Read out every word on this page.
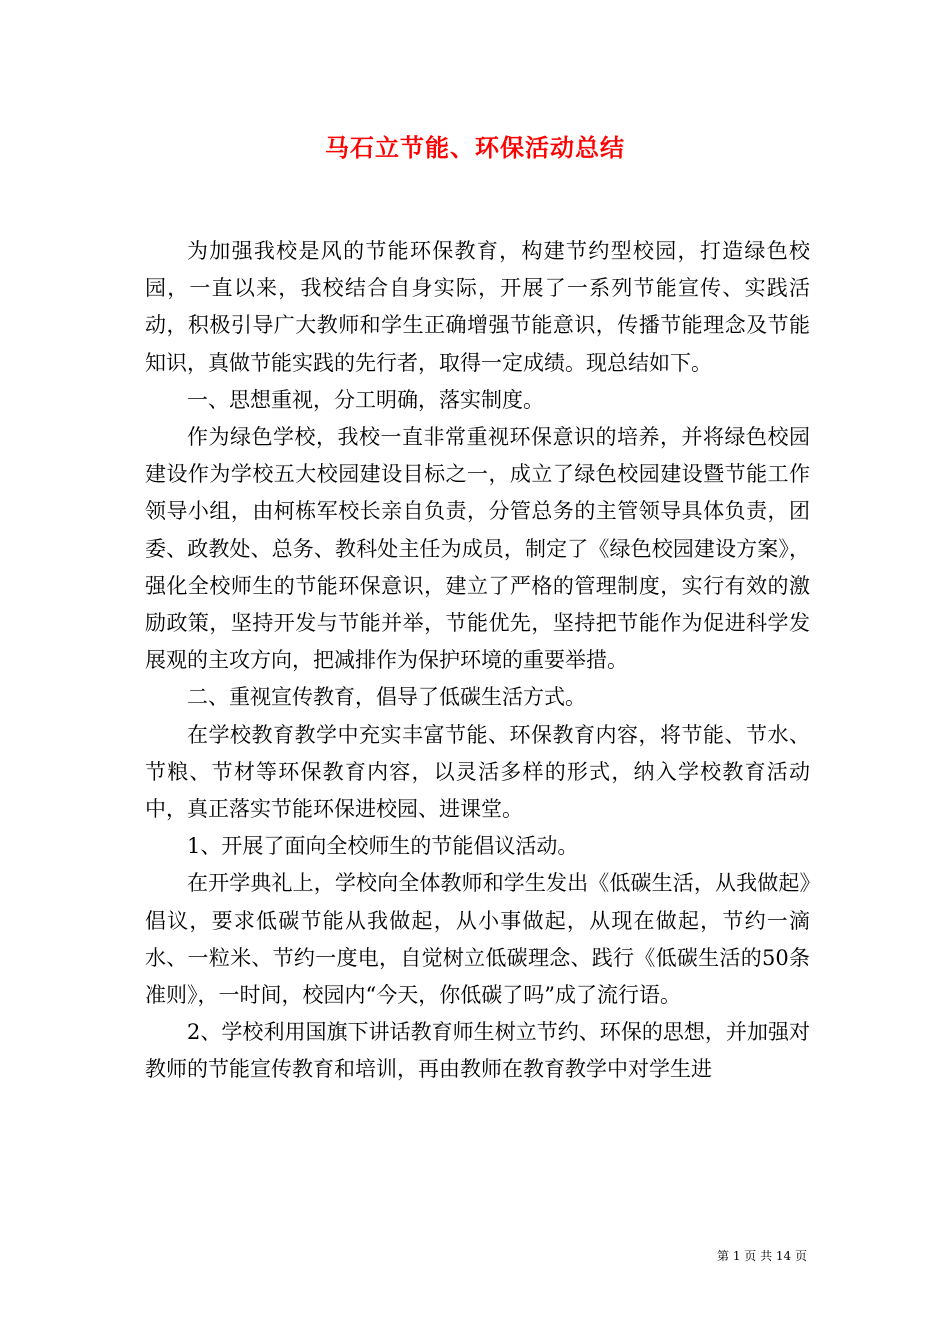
马石立节能、环保活动总结

为加强我校是风的节能环保教育，构建节约型校园，打造绿色校园，一直以来，我校结合自身实际，开展了一系列节能宣传、实践活动，积极引导广大教师和学生正确增强节能意识，传播节能理念及节能知识，真做节能实践的先行者，取得一定成绩。现总结如下。

一、思想重视，分工明确，落实制度。

作为绿色学校，我校一直非常重视环保意识的培养，并将绿色校园建设作为学校五大校园建设目标之一，成立了绿色校园建设暨节能工作领导小组，由柯栋军校长亲自负责，分管总务的主管领导具体负责，团委、政教处、总务、教科处主任为成员，制定了《绿色校园建设方案》，强化全校师生的节能环保意识，建立了严格的管理制度，实行有效的激励政策，坚持开发与节能并举，节能优先，坚持把节能作为促进科学发展观的主攻方向，把减排作为保护环境的重要举措。

二、重视宣传教育，倡导了低碳生活方式。

在学校教育教学中充实丰富节能、环保教育内容，将节能、节水、节粮、节材等环保教育内容，以灵活多样的形式，纳入学校教育活动中，真正落实节能环保进校园、进课堂。

1、开展了面向全校师生的节能倡议活动。

在开学典礼上，学校向全体教师和学生发出《低碳生活，从我做起》倡议，要求低碳节能从我做起，从小事做起，从现在做起，节约一滴水、一粒米、节约一度电，自觉树立低碳理念、践行《低碳生活的50条准则》，一时间，校园内“今天，你低碳了吗”成了流行语。

2、学校利用国旗下讲话教育师生树立节约、环保的思想，并加强对教师的节能宣传教育和培训，再由教师在教育教学中对学生进

第 1 页 共 14 页
